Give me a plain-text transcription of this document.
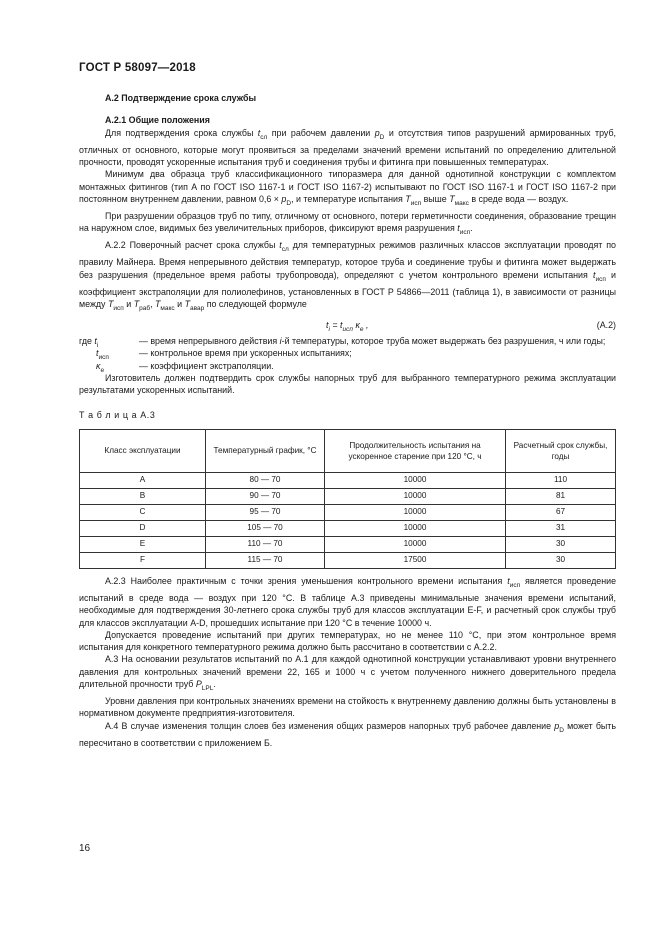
ГОСТ Р 58097—2018

А.2 Подтверждение срока службы

А.2.1 Общие положения

Для подтверждения срока службы $t_{сл}$ при рабочем давлении $p_D$ и отсутствия типов разрушений армированных труб, отличных от основного, которые могут проявиться за пределами значений времени испытаний по определению длительной прочности, проводят ускоренные испытания труб и соединения трубы и фитинга при повышенных температурах.

Минимум два образца труб классификационного типоразмера для данной однотипной конструкции с комплектом монтажных фитингов (тип А по ГОСТ ISO 1167-1 и ГОСТ ISO 1167-2) испытывают по ГОСТ ISO 1167-1 и ГОСТ ISO 1167-2 при постоянном внутреннем давлении, равном $0,6 \times p_D$, и температуре испытания $T_{исп}$ выше $T_{макс}$ в среде вода — воздух.

При разрушении образцов труб по типу, отличному от основного, потери герметичности соединения, образование трещин на наружном слое, видимых без увеличительных приборов, фиксируют время разрушения $t_{исп}$.

А.2.2 Поверочный расчет срока службы $t_{сл}$ для температурных режимов различных классов эксплуатации проводят по правилу Майнера. Время непрерывного действия температур, которое труба и соединение трубы и фитинга может выдержать без разрушения (предельное время работы трубопровода), определяют с учетом контрольного времени испытания $t_{исп}$ и коэффициент экстраполяции для полиолефинов, установленных в ГОСТ Р 54866—2011 (таблица 1), в зависимости от разницы между $T_{исп}$ и $T_{раб}$, $T_{макс}$ и $T_{авар}$ по следующей формуле

$t_i = t_{исп}$ $\kappa_e$ ,	(А.2)
где $t_i$	— время непрерывного действия i-й температуры, которое труба может выдержать без разрушения, ч или годы;
$t_{исп}$	— контрольное время при ускоренных испытаниях;
$\kappa_e$	— коэффициент экстраполяции.

Изготовитель должен подтвердить срок службы напорных труб для выбранного температурного режима эксплуатации результатами ускоренных испытаний.

Т а б л и ц а А.3

Класс эксплуатации	Температурный график, °С	Продолжительность испытания на ускоренное старение при 120 °С, ч	Расчетный срок службы, годы
А	80 — 70	10000	110
В	90 — 70	10000	81
С	95 — 70	10000	67
D	105 — 70	10000	31
E	110 — 70	10000	30
F	115 — 70	17500	30

А.2.3 Наиболее практичным с точки зрения уменьшения контрольного времени испытания $t_{исп}$ является проведение испытаний в среде вода — воздух при 120 °С. В таблице А.3 приведены минимальные значения времени испытаний, необходимые для подтверждения 30-летнего срока службы труб для классов эксплуатации E-F, и расчетный срок службы труб для классов эксплуатации A-D, прошедших испытание при 120 °С в течение 10000 ч.

Допускается проведение испытаний при других температурах, но не менее 110 °С, при этом контрольное время испытания для конкретного температурного режима должно быть рассчитано в соответствии с А.2.2.

А.3 На основании результатов испытаний по А.1 для каждой однотипной конструкции устанавливают уровни внутреннего давления для контрольных значений времени 22, 165 и 1000 ч с учетом полученного нижнего доверительного предела длительной прочности труб $P_{LPL}$.

Уровни давления при контрольных значениях времени на стойкость к внутреннему давлению должны быть установлены в нормативном документе предприятия-изготовителя.

А.4 В случае изменения толщин слоев без изменения общих размеров напорных труб рабочее давление $p_D$ может быть пересчитано в соответствии с приложением Б.

16
